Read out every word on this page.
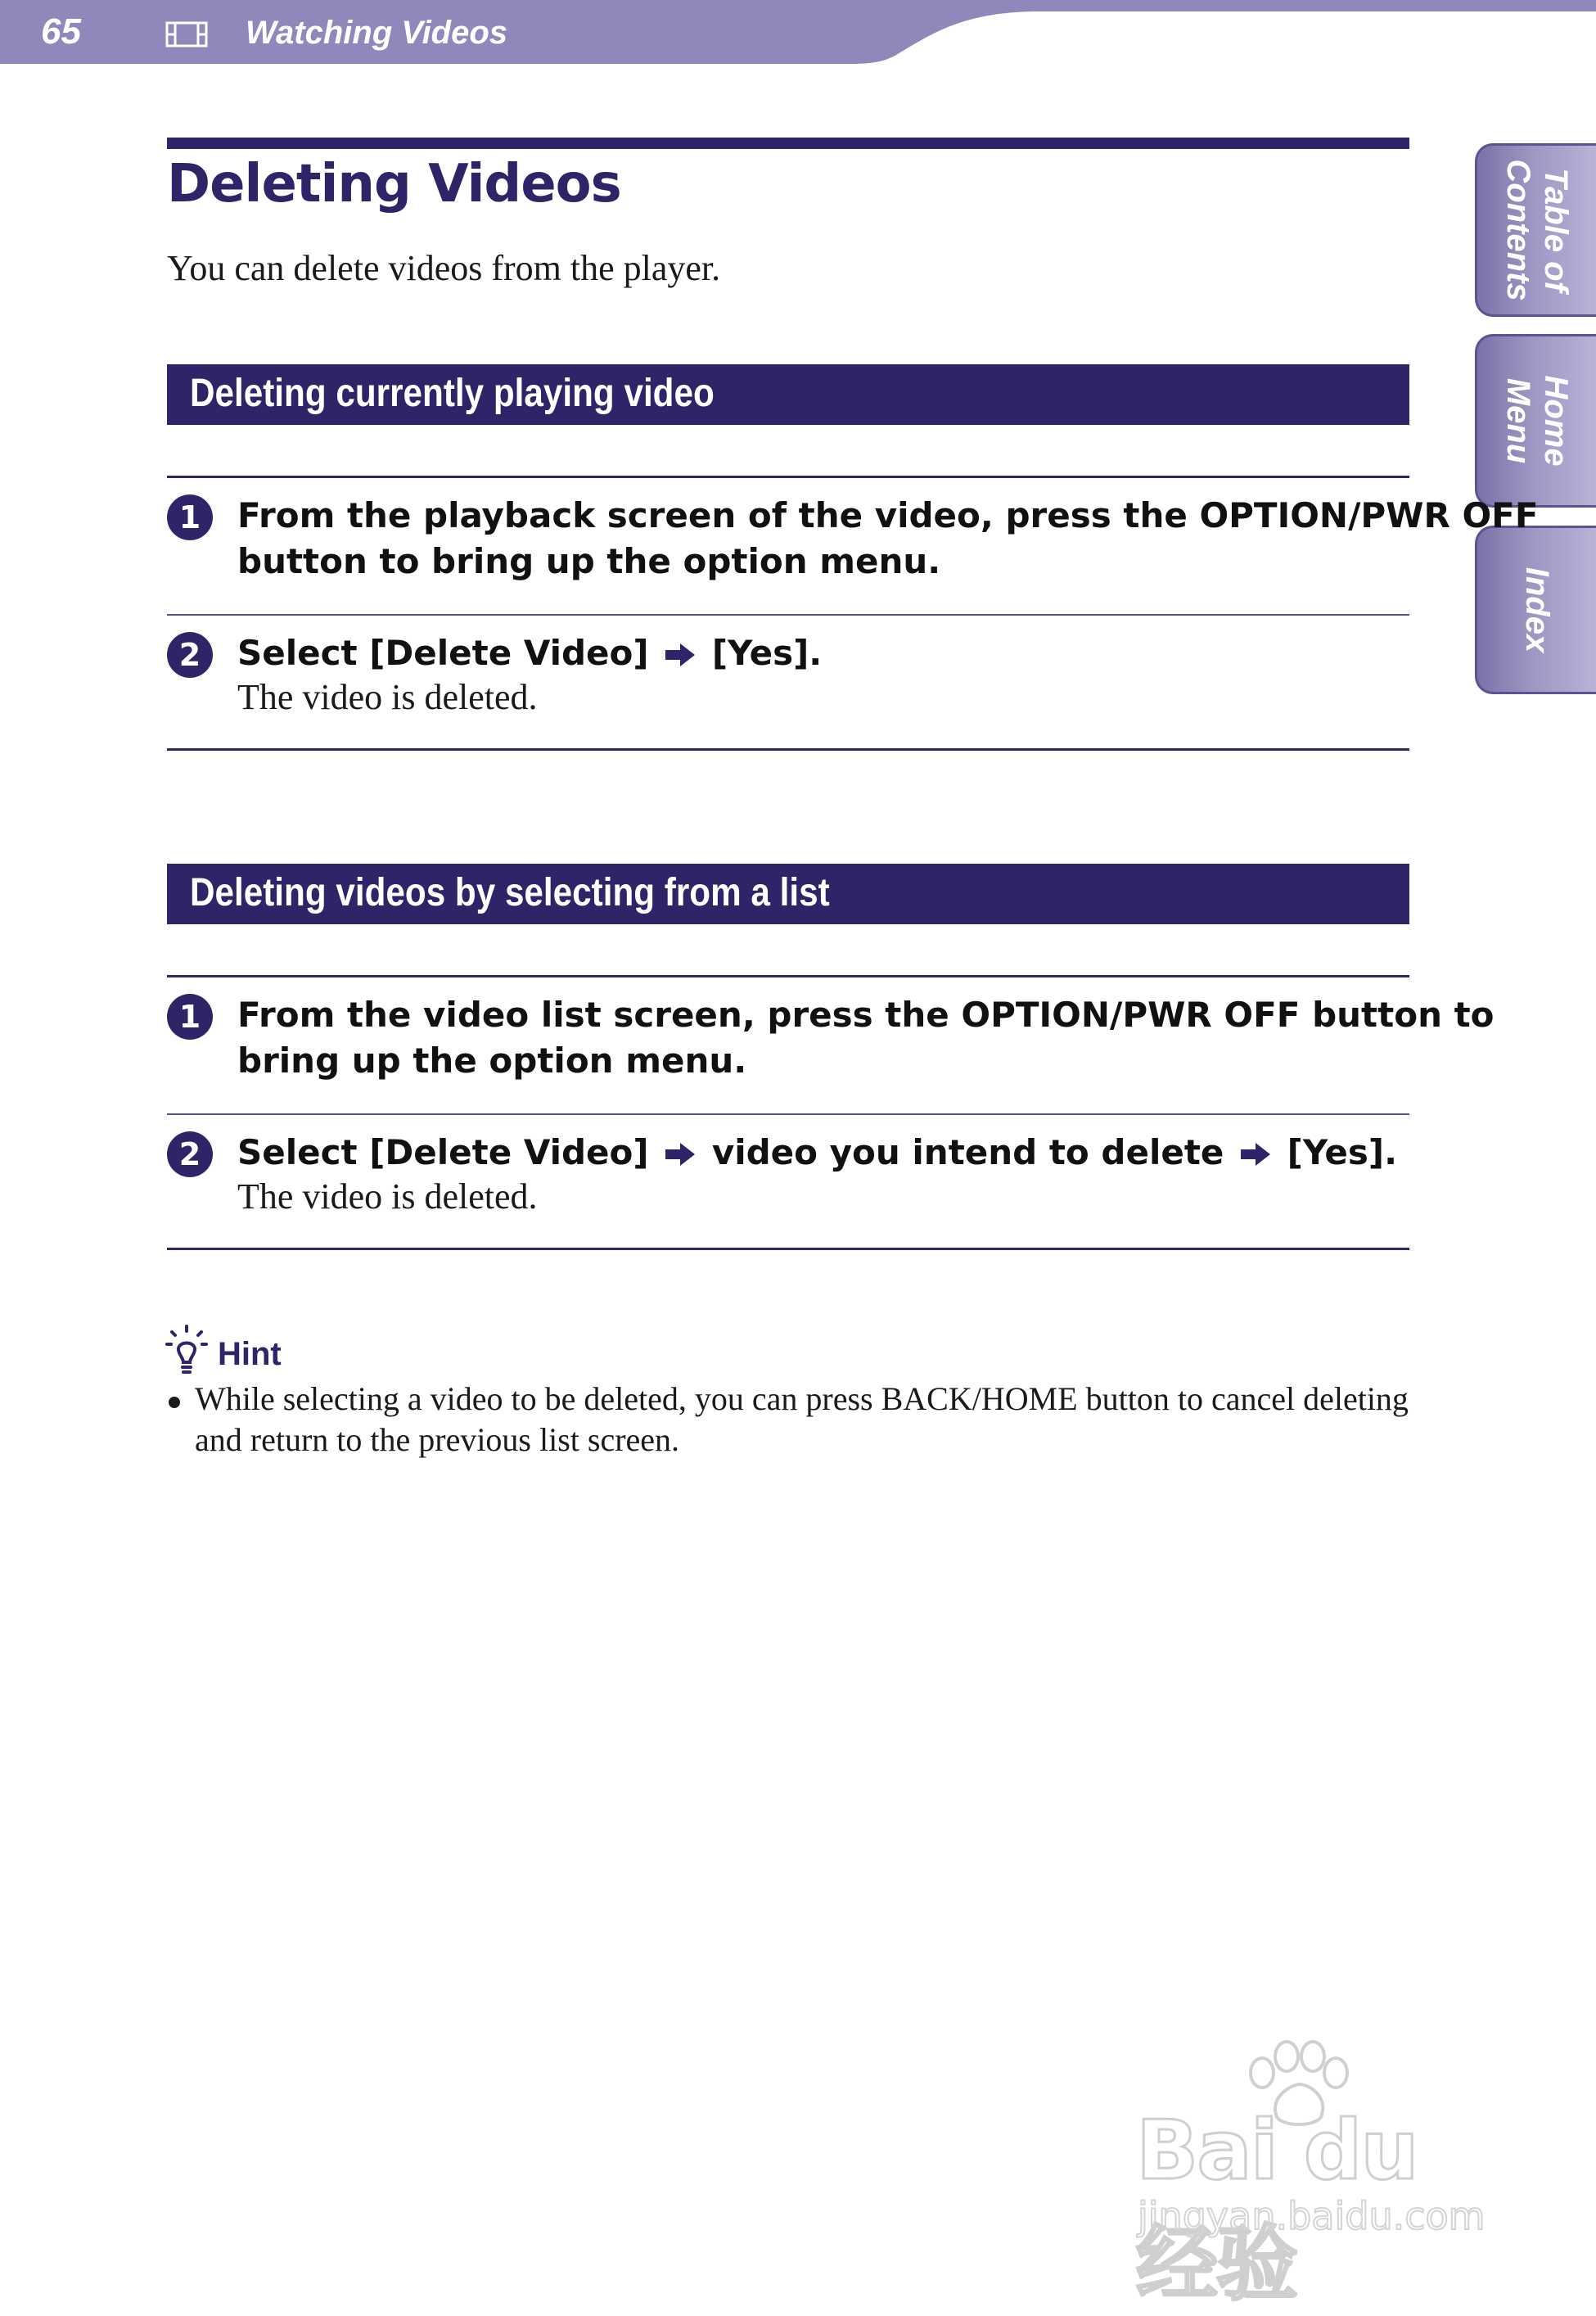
65	Watching Videos
Table of
Contents
Home
Menu
Index
Deleting Videos

You can delete videos from the player.

Deleting currently playing video
1	From the playback screen of the video, press the OPTION/PWR OFF
button to bring up the option menu.

2	Select [Delete Video] [Yes].

The video is deleted.

Deleting videos by selecting from a list
1	From the video list screen, press the OPTION/PWR OFF button to
bring up the option menu.

2	Select [Delete Video] video you intend to delete [Yes].

The video is deleted.

Hint

While selecting a video to be deleted, you can press BACK/HOME button to cancel deleting and return to the previous list screen.

Bai du 经验
jingyan.baidu.com
